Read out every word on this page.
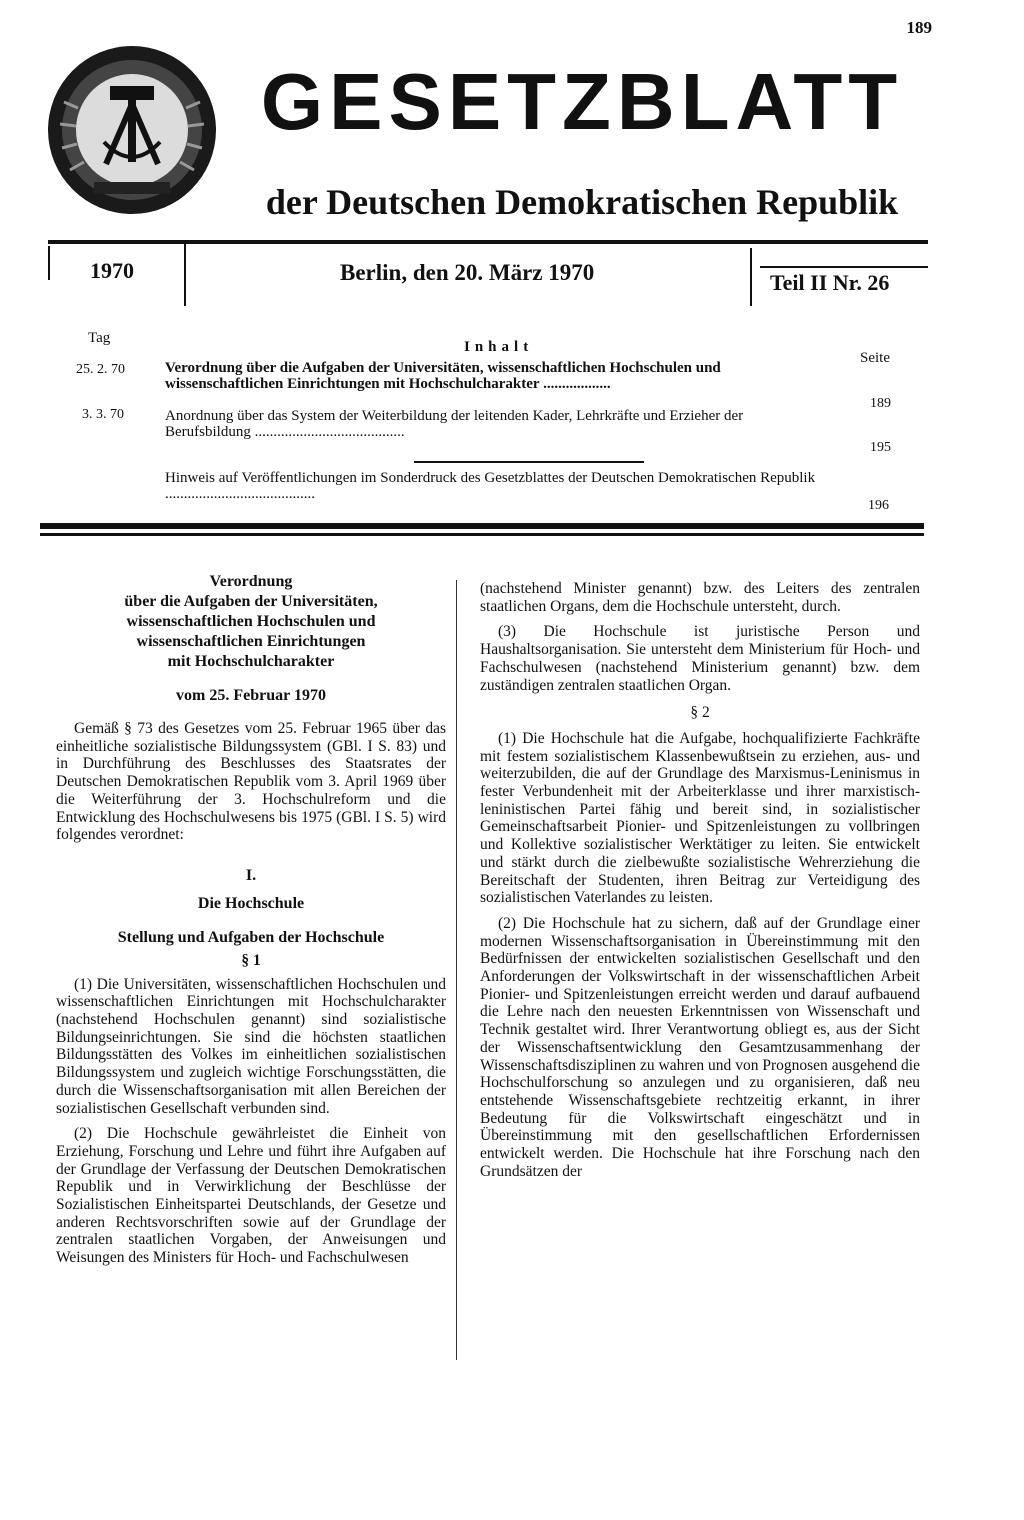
189
GESETZBLATT
der Deutschen Demokratischen Republik
1970	Berlin, den 20. März 1970	Teil II Nr. 26
Tag
Inhalt
Seite
25. 2. 70	Verordnung über die Aufgaben der Universitäten, wissenschaftlichen Hochschulen und wissenschaftlichen Einrichtungen mit Hochschulcharakter ..................
189
3. 3. 70	Anordnung über das System der Weiterbildung der leitenden Kader, Lehrkräfte und Erzieher der Berufsbildung ........................................
195
Hinweis auf Veröffentlichungen im Sonderdruck des Gesetzblattes der Deutschen Demokratischen Republik ........................................
196
Verordnung
über die Aufgaben der Universitäten,
wissenschaftlichen Hochschulen und
wissenschaftlichen Einrichtungen
mit Hochschulcharakter
vom 25. Februar 1970

Gemäß § 73 des Gesetzes vom 25. Februar 1965 über das einheitliche sozialistische Bildungssystem (GBl. I S. 83) und in Durchführung des Beschlusses des Staatsrates der Deutschen Demokratischen Republik vom 3. April 1969 über die Weiterführung der 3. Hochschulreform und die Entwicklung des Hochschulwesens bis 1975 (GBl. I S. 5) wird folgendes verordnet:

I.
Die Hochschule
Stellung und Aufgaben der Hochschule
§ 1

(1) Die Universitäten, wissenschaftlichen Hochschulen und wissenschaftlichen Einrichtungen mit Hochschulcharakter (nachstehend Hochschulen genannt) sind sozialistische Bildungseinrichtungen. Sie sind die höchsten staatlichen Bildungsstätten des Volkes im einheitlichen sozialistischen Bildungssystem und zugleich wichtige Forschungsstätten, die durch die Wissenschaftsorganisation mit allen Bereichen der sozialistischen Gesellschaft verbunden sind.

(2) Die Hochschule gewährleistet die Einheit von Erziehung, Forschung und Lehre und führt ihre Aufgaben auf der Grundlage der Verfassung der Deutschen Demokratischen Republik und in Verwirklichung der Beschlüsse der Sozialistischen Einheitspartei Deutschlands, der Gesetze und anderen Rechtsvorschriften sowie auf der Grundlage der zentralen staatlichen Vorgaben, der Anweisungen und Weisungen des Ministers für Hoch- und Fachschulwesen

(nachstehend Minister genannt) bzw. des Leiters des zentralen staatlichen Organs, dem die Hochschule untersteht, durch.

(3) Die Hochschule ist juristische Person und Haushaltsorganisation. Sie untersteht dem Ministerium für Hoch- und Fachschulwesen (nachstehend Ministerium genannt) bzw. dem zuständigen zentralen staatlichen Organ.

§ 2

(1) Die Hochschule hat die Aufgabe, hochqualifizierte Fachkräfte mit festem sozialistischem Klassenbewußtsein zu erziehen, aus- und weiterzubilden, die auf der Grundlage des Marxismus-Leninismus in fester Verbundenheit mit der Arbeiterklasse und ihrer marxistisch-leninistischen Partei fähig und bereit sind, in sozialistischer Gemeinschaftsarbeit Pionier- und Spitzenleistungen zu vollbringen und Kollektive sozialistischer Werktätiger zu leiten. Sie entwickelt und stärkt durch die zielbewußte sozialistische Wehrerziehung die Bereitschaft der Studenten, ihren Beitrag zur Verteidigung des sozialistischen Vaterlandes zu leisten.

(2) Die Hochschule hat zu sichern, daß auf der Grundlage einer modernen Wissenschaftsorganisation in Übereinstimmung mit den Bedürfnissen der entwickelten sozialistischen Gesellschaft und den Anforderungen der Volkswirtschaft in der wissenschaftlichen Arbeit Pionier- und Spitzenleistungen erreicht werden und darauf aufbauend die Lehre nach den neuesten Erkenntnissen von Wissenschaft und Technik gestaltet wird. Ihrer Verantwortung obliegt es, aus der Sicht der Wissenschaftsentwicklung den Gesamtzusammenhang der Wissenschaftsdisziplinen zu wahren und von Prognosen ausgehend die Hochschulforschung so anzulegen und zu organisieren, daß neu entstehende Wissenschaftsgebiete rechtzeitig erkannt, in ihrer Bedeutung für die Volkswirtschaft eingeschätzt und in Übereinstimmung mit den gesellschaftlichen Erfordernissen entwickelt werden. Die Hochschule hat ihre Forschung nach den Grundsätzen der
